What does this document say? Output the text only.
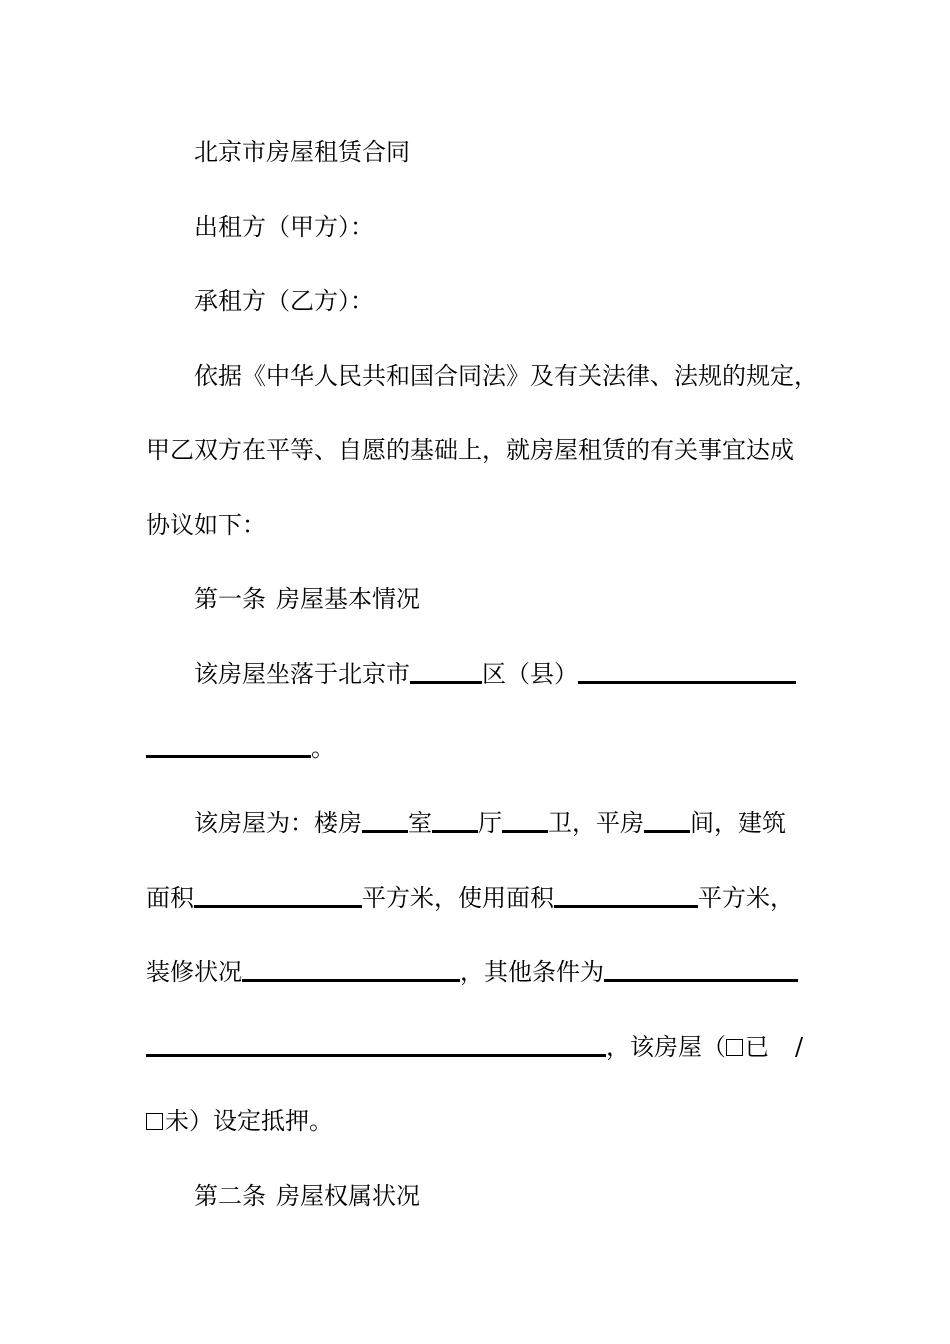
北京市房屋租赁合同
出租方（甲方）：
承租方（乙方）：
依据《中华人民共和国合同法》及有关法律、法规的规定，
甲乙双方在平等、自愿的基础上，就房屋租赁的有关事宜达成
协议如下：
第一条 房屋基本情况
该房屋坐落于北京市	区（县）
。
该房屋为：楼房 室 厅 卫，平房 间，建筑
面积	平方米，使用面积	平方米，
装修状况	，其他条件为
，该房屋（ 已 /
未）设定抵押。
第二条 房屋权属状况
